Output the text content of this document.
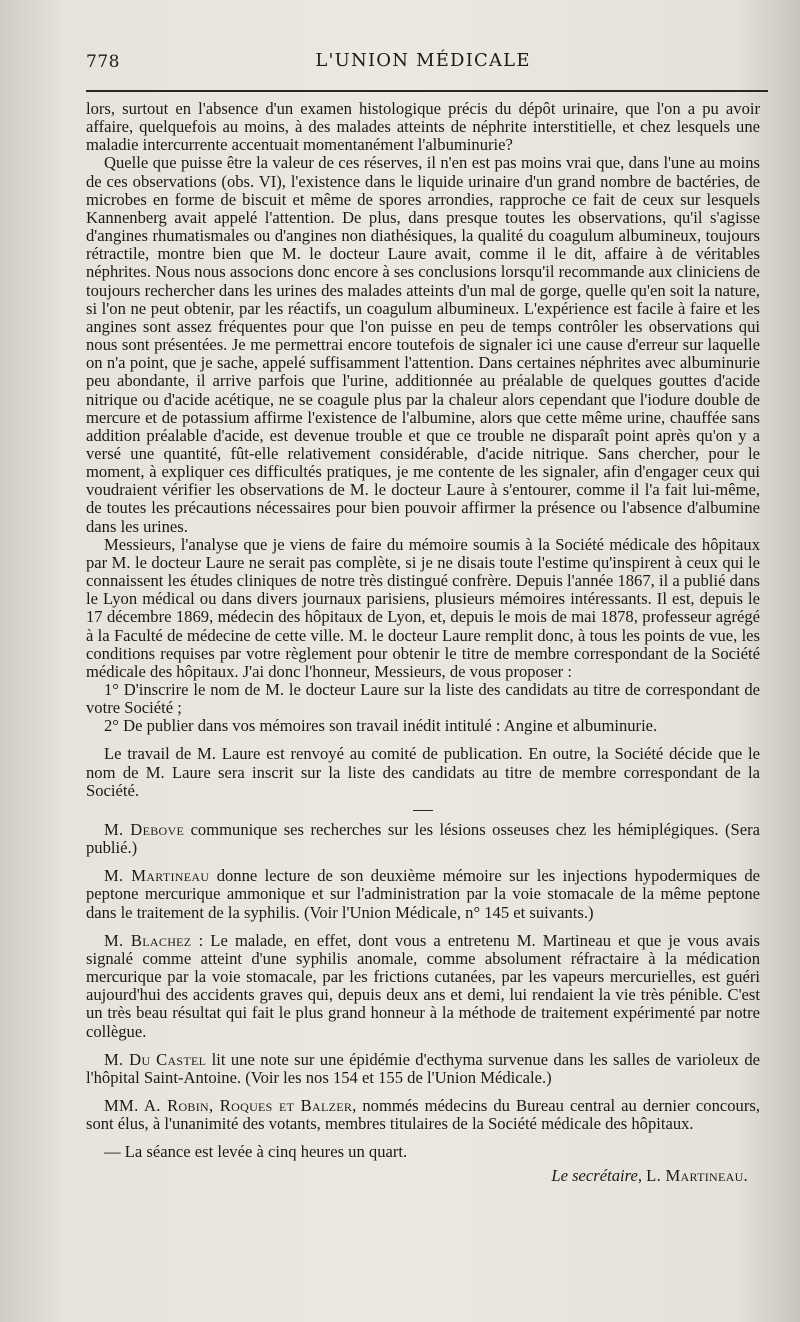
778	L'UNION MÉDICALE

lors, surtout en l'absence d'un examen histologique précis du dépôt urinaire, que l'on a pu avoir affaire, quelquefois au moins, à des malades atteints de néphrite interstitielle, et chez lesquels une maladie intercurrente accentuait momentanément l'albuminurie?

Quelle que puisse être la valeur de ces réserves, il n'en est pas moins vrai que, dans l'une au moins de ces observations (obs. VI), l'existence dans le liquide urinaire d'un grand nombre de bactéries, de microbes en forme de biscuit et même de spores arrondies, rapproche ce fait de ceux sur lesquels Kannenberg avait appelé l'attention. De plus, dans presque toutes les observations, qu'il s'agisse d'angines rhumatismales ou d'angines non diathésiques, la qualité du coagulum albumineux, toujours rétractile, montre bien que M. le docteur Laure avait, comme il le dit, affaire à de véritables néphrites. Nous nous associons donc encore à ses conclusions lorsqu'il recommande aux cliniciens de toujours rechercher dans les urines des malades atteints d'un mal de gorge, quelle qu'en soit la nature, si l'on ne peut obtenir, par les réactifs, un coagulum albumineux. L'expérience est facile à faire et les angines sont assez fréquentes pour que l'on puisse en peu de temps contrôler les observations qui nous sont présentées. Je me permettrai encore toutefois de signaler ici une cause d'erreur sur laquelle on n'a point, que je sache, appelé suffisamment l'attention. Dans certaines néphrites avec albuminurie peu abondante, il arrive parfois que l'urine, additionnée au préalable de quelques gouttes d'acide nitrique ou d'acide acétique, ne se coagule plus par la chaleur alors cependant que l'iodure double de mercure et de potassium affirme l'existence de l'albumine, alors que cette même urine, chauffée sans addition préalable d'acide, est devenue trouble et que ce trouble ne disparaît point après qu'on y a versé une quantité, fût-elle relativement considérable, d'acide nitrique. Sans chercher, pour le moment, à expliquer ces difficultés pratiques, je me contente de les signaler, afin d'engager ceux qui voudraient vérifier les observations de M. le docteur Laure à s'entourer, comme il l'a fait lui-même, de toutes les précautions nécessaires pour bien pouvoir affirmer la présence ou l'absence d'albumine dans les urines.

Messieurs, l'analyse que je viens de faire du mémoire soumis à la Société médicale des hôpitaux par M. le docteur Laure ne serait pas complète, si je ne disais toute l'estime qu'inspirent à ceux qui le connaissent les études cliniques de notre très distingué confrère. Depuis l'année 1867, il a publié dans le Lyon médical ou dans divers journaux parisiens, plusieurs mémoires intéressants. Il est, depuis le 17 décembre 1869, médecin des hôpitaux de Lyon, et, depuis le mois de mai 1878, professeur agrégé à la Faculté de médecine de cette ville. M. le docteur Laure remplit donc, à tous les points de vue, les conditions requises par votre règlement pour obtenir le titre de membre correspondant de la Société médicale des hôpitaux. J'ai donc l'honneur, Messieurs, de vous proposer :

1° D'inscrire le nom de M. le docteur Laure sur la liste des candidats au titre de correspondant de votre Société ;

2° De publier dans vos mémoires son travail inédit intitulé : Angine et albuminurie.

Le travail de M. Laure est renvoyé au comité de publication. En outre, la Société décide que le nom de M. Laure sera inscrit sur la liste des candidats au titre de membre correspondant de la Société.

M. Debove communique ses recherches sur les lésions osseuses chez les hémiplégiques. (Sera publié.)

M. Martineau donne lecture de son deuxième mémoire sur les injections hypodermiques de peptone mercurique ammonique et sur l'administration par la voie stomacale de la même peptone dans le traitement de la syphilis. (Voir l'Union Médicale, n° 145 et suivants.)

M. Blachez : Le malade, en effet, dont vous a entretenu M. Martineau et que je vous avais signalé comme atteint d'une syphilis anomale, comme absolument réfractaire à la médication mercurique par la voie stomacale, par les frictions cutanées, par les vapeurs mercurielles, est guéri aujourd'hui des accidents graves qui, depuis deux ans et demi, lui rendaient la vie très pénible. C'est un très beau résultat qui fait le plus grand honneur à la méthode de traitement expérimenté par notre collègue.

M. Du Castel lit une note sur une épidémie d'ecthyma survenue dans les salles de varioleux de l'hôpital Saint-Antoine. (Voir les nos 154 et 155 de l'Union Médicale.)

MM. A. Robin, Roques et Balzer, nommés médecins du Bureau central au dernier concours, sont élus, à l'unanimité des votants, membres titulaires de la Société médicale des hôpitaux.

— La séance est levée à cinq heures un quart.

Le secrétaire, L. Martineau.
